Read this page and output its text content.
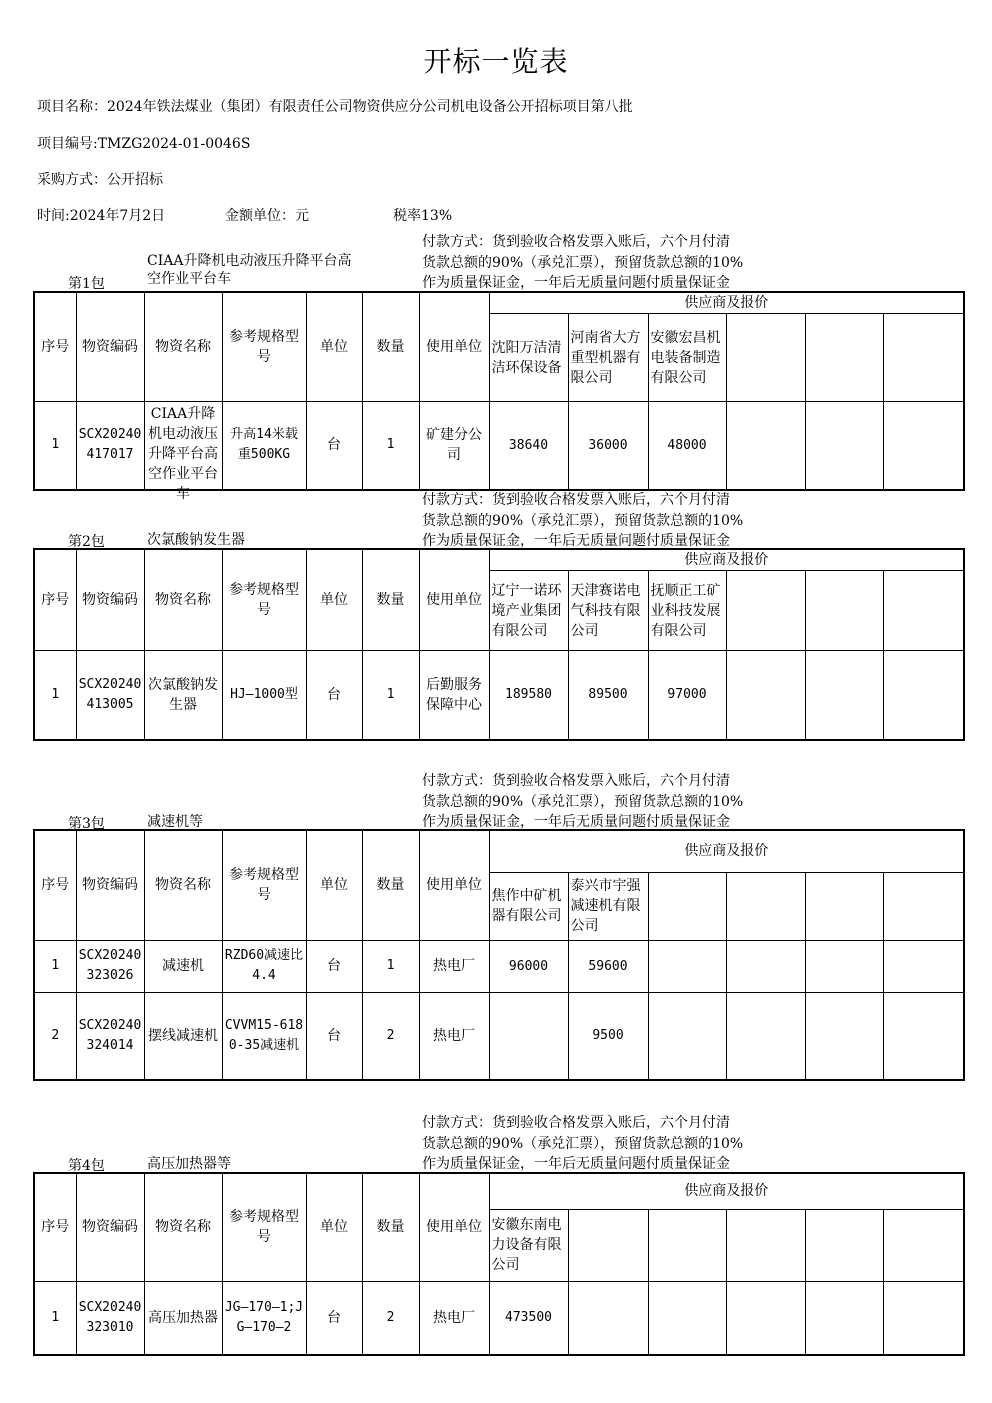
开标一览表
项目名称：2024年铁法煤业（集团）有限责任公司物资供应分公司机电设备公开招标项目第八批
项目编号:TMZG2024-01-0046S
采购方式：公开招标
时间:2024年7月2日	金额单位：元	税率13%
付款方式：货到验收合格发票入账后，六个月付清
货款总额的90%（承兑汇票），预留货款总额的10%
作为质量保证金，一年后无质量问题付质量保证金
第1包
CIAA升降机电动液压升降平台高空作业平台车
序号	物资编码	物资名称	参考规格型号	单位	数量	使用单位	供应商及报价					

							沈阳万洁清洁环保设备	河南省大方重型机器有限公司	安徽宏昌机电装备制造有限公司			

1	SCX20240417017	CIAA升降机电动液压升降平台高空作业平台车	升高14米载重500KG	台	1	矿建分公司	38640	36000	48000			
付款方式：货到验收合格发票入账后，六个月付清
货款总额的90%（承兑汇票），预留货款总额的10%
作为质量保证金，一年后无质量问题付质量保证金
第2包	次氯酸钠发生器
序号	物资编码	物资名称	参考规格型号	单位	数量	使用单位	供应商及报价					

							辽宁一诺环境产业集团有限公司	天津赛诺电气科技有限公司	抚顺正工矿业科技发展有限公司			

1	SCX20240413005	次氯酸钠发生器	HJ—1000型	台	1	后勤服务保障中心	189580	89500	97000			
付款方式：货到验收合格发票入账后，六个月付清
货款总额的90%（承兑汇票），预留货款总额的10%
作为质量保证金，一年后无质量问题付质量保证金
第3包	减速机等
序号	物资编码	物资名称	参考规格型号	单位	数量	使用单位	供应商及报价					

							焦作中矿机器有限公司	泰兴市宇强减速机有限公司				

1	SCX20240323026	减速机	RZD60减速比4.4	台	1	热电厂	96000	59600				

2	SCX20240324014	摆线减速机	CVVM15-6180-35减速机	台	2	热电厂		9500				
付款方式：货到验收合格发票入账后，六个月付清
货款总额的90%（承兑汇票），预留货款总额的10%
作为质量保证金，一年后无质量问题付质量保证金
第4包	高压加热器等
序号	物资编码	物资名称	参考规格型号	单位	数量	使用单位	供应商及报价					

							安徽东南电力设备有限公司					

1	SCX20240323010	高压加热器	JG—170—1;JG—170—2	台	2	热电厂	473500					
